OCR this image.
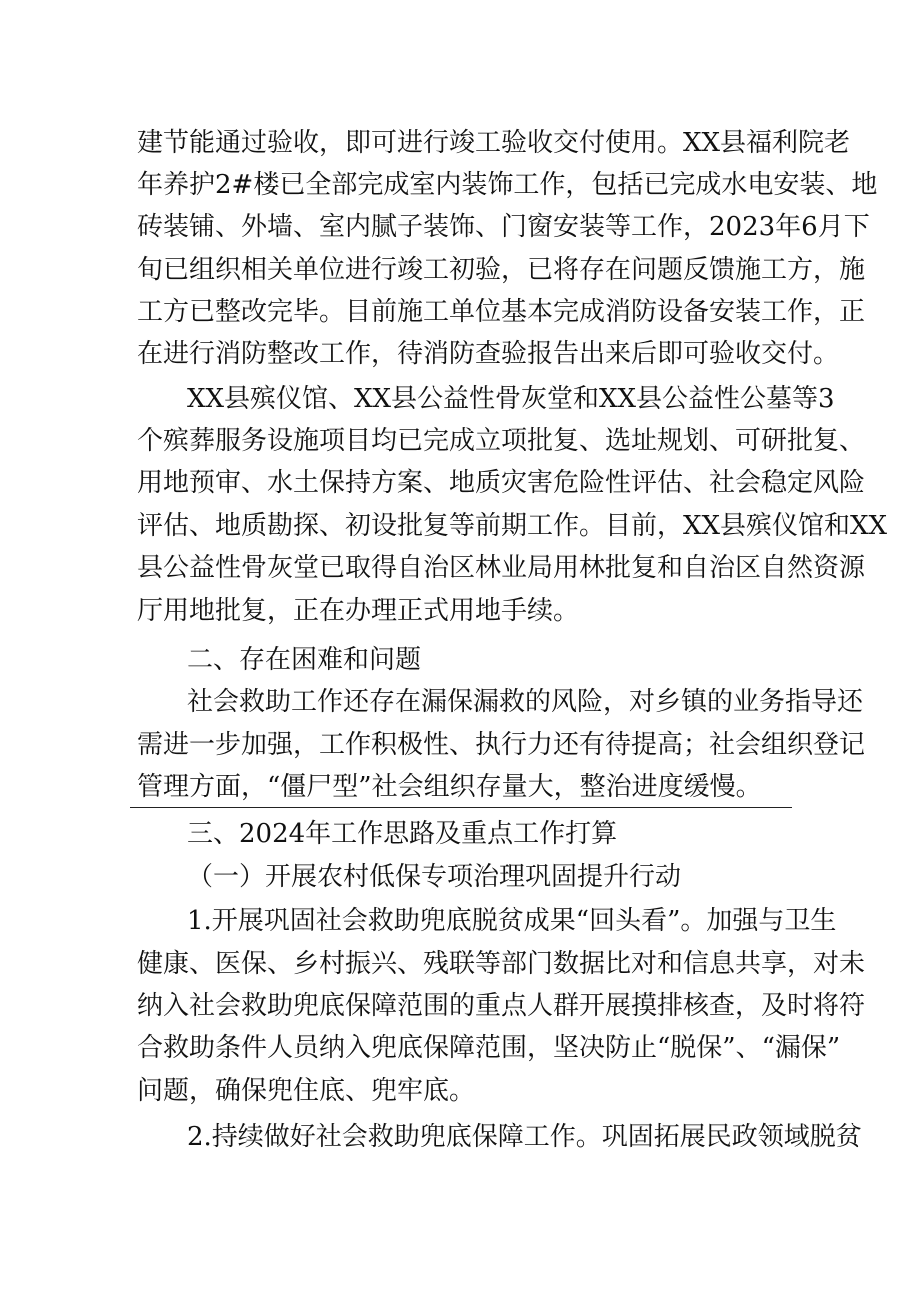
建节能通过验收，即可进行竣工验收交付使用。XX县福利院老
年养护2#楼已全部完成室内装饰工作，包括已完成水电安装、地
砖装铺、外墙、室内腻子装饰、门窗安装等工作，2023年6月下
旬已组织相关单位进行竣工初验，已将存在问题反馈施工方，施
工方已整改完毕。目前施工单位基本完成消防设备安装工作，正
在进行消防整改工作，待消防查验报告出来后即可验收交付。
XX县殡仪馆、XX县公益性骨灰堂和XX县公益性公墓等3
个殡葬服务设施项目均已完成立项批复、选址规划、可研批复、
用地预审、水土保持方案、地质灾害危险性评估、社会稳定风险
评估、地质勘探、初设批复等前期工作。目前，XX县殡仪馆和XX
县公益性骨灰堂已取得自治区林业局用林批复和自治区自然资源
厅用地批复，正在办理正式用地手续。
二、存在困难和问题
社会救助工作还存在漏保漏救的风险，对乡镇的业务指导还
需进一步加强，工作积极性、执行力还有待提高；社会组织登记
管理方面，“僵尸型”社会组织存量大，整治进度缓慢。
三、2024年工作思路及重点工作打算
（一）开展农村低保专项治理巩固提升行动
1.开展巩固社会救助兜底脱贫成果“回头看”。加强与卫生
健康、医保、乡村振兴、残联等部门数据比对和信息共享，对未
纳入社会救助兜底保障范围的重点人群开展摸排核查，及时将符
合救助条件人员纳入兜底保障范围，坚决防止“脱保”、“漏保”
问题，确保兜住底、兜牢底。
2.持续做好社会救助兜底保障工作。巩固拓展民政领域脱贫
